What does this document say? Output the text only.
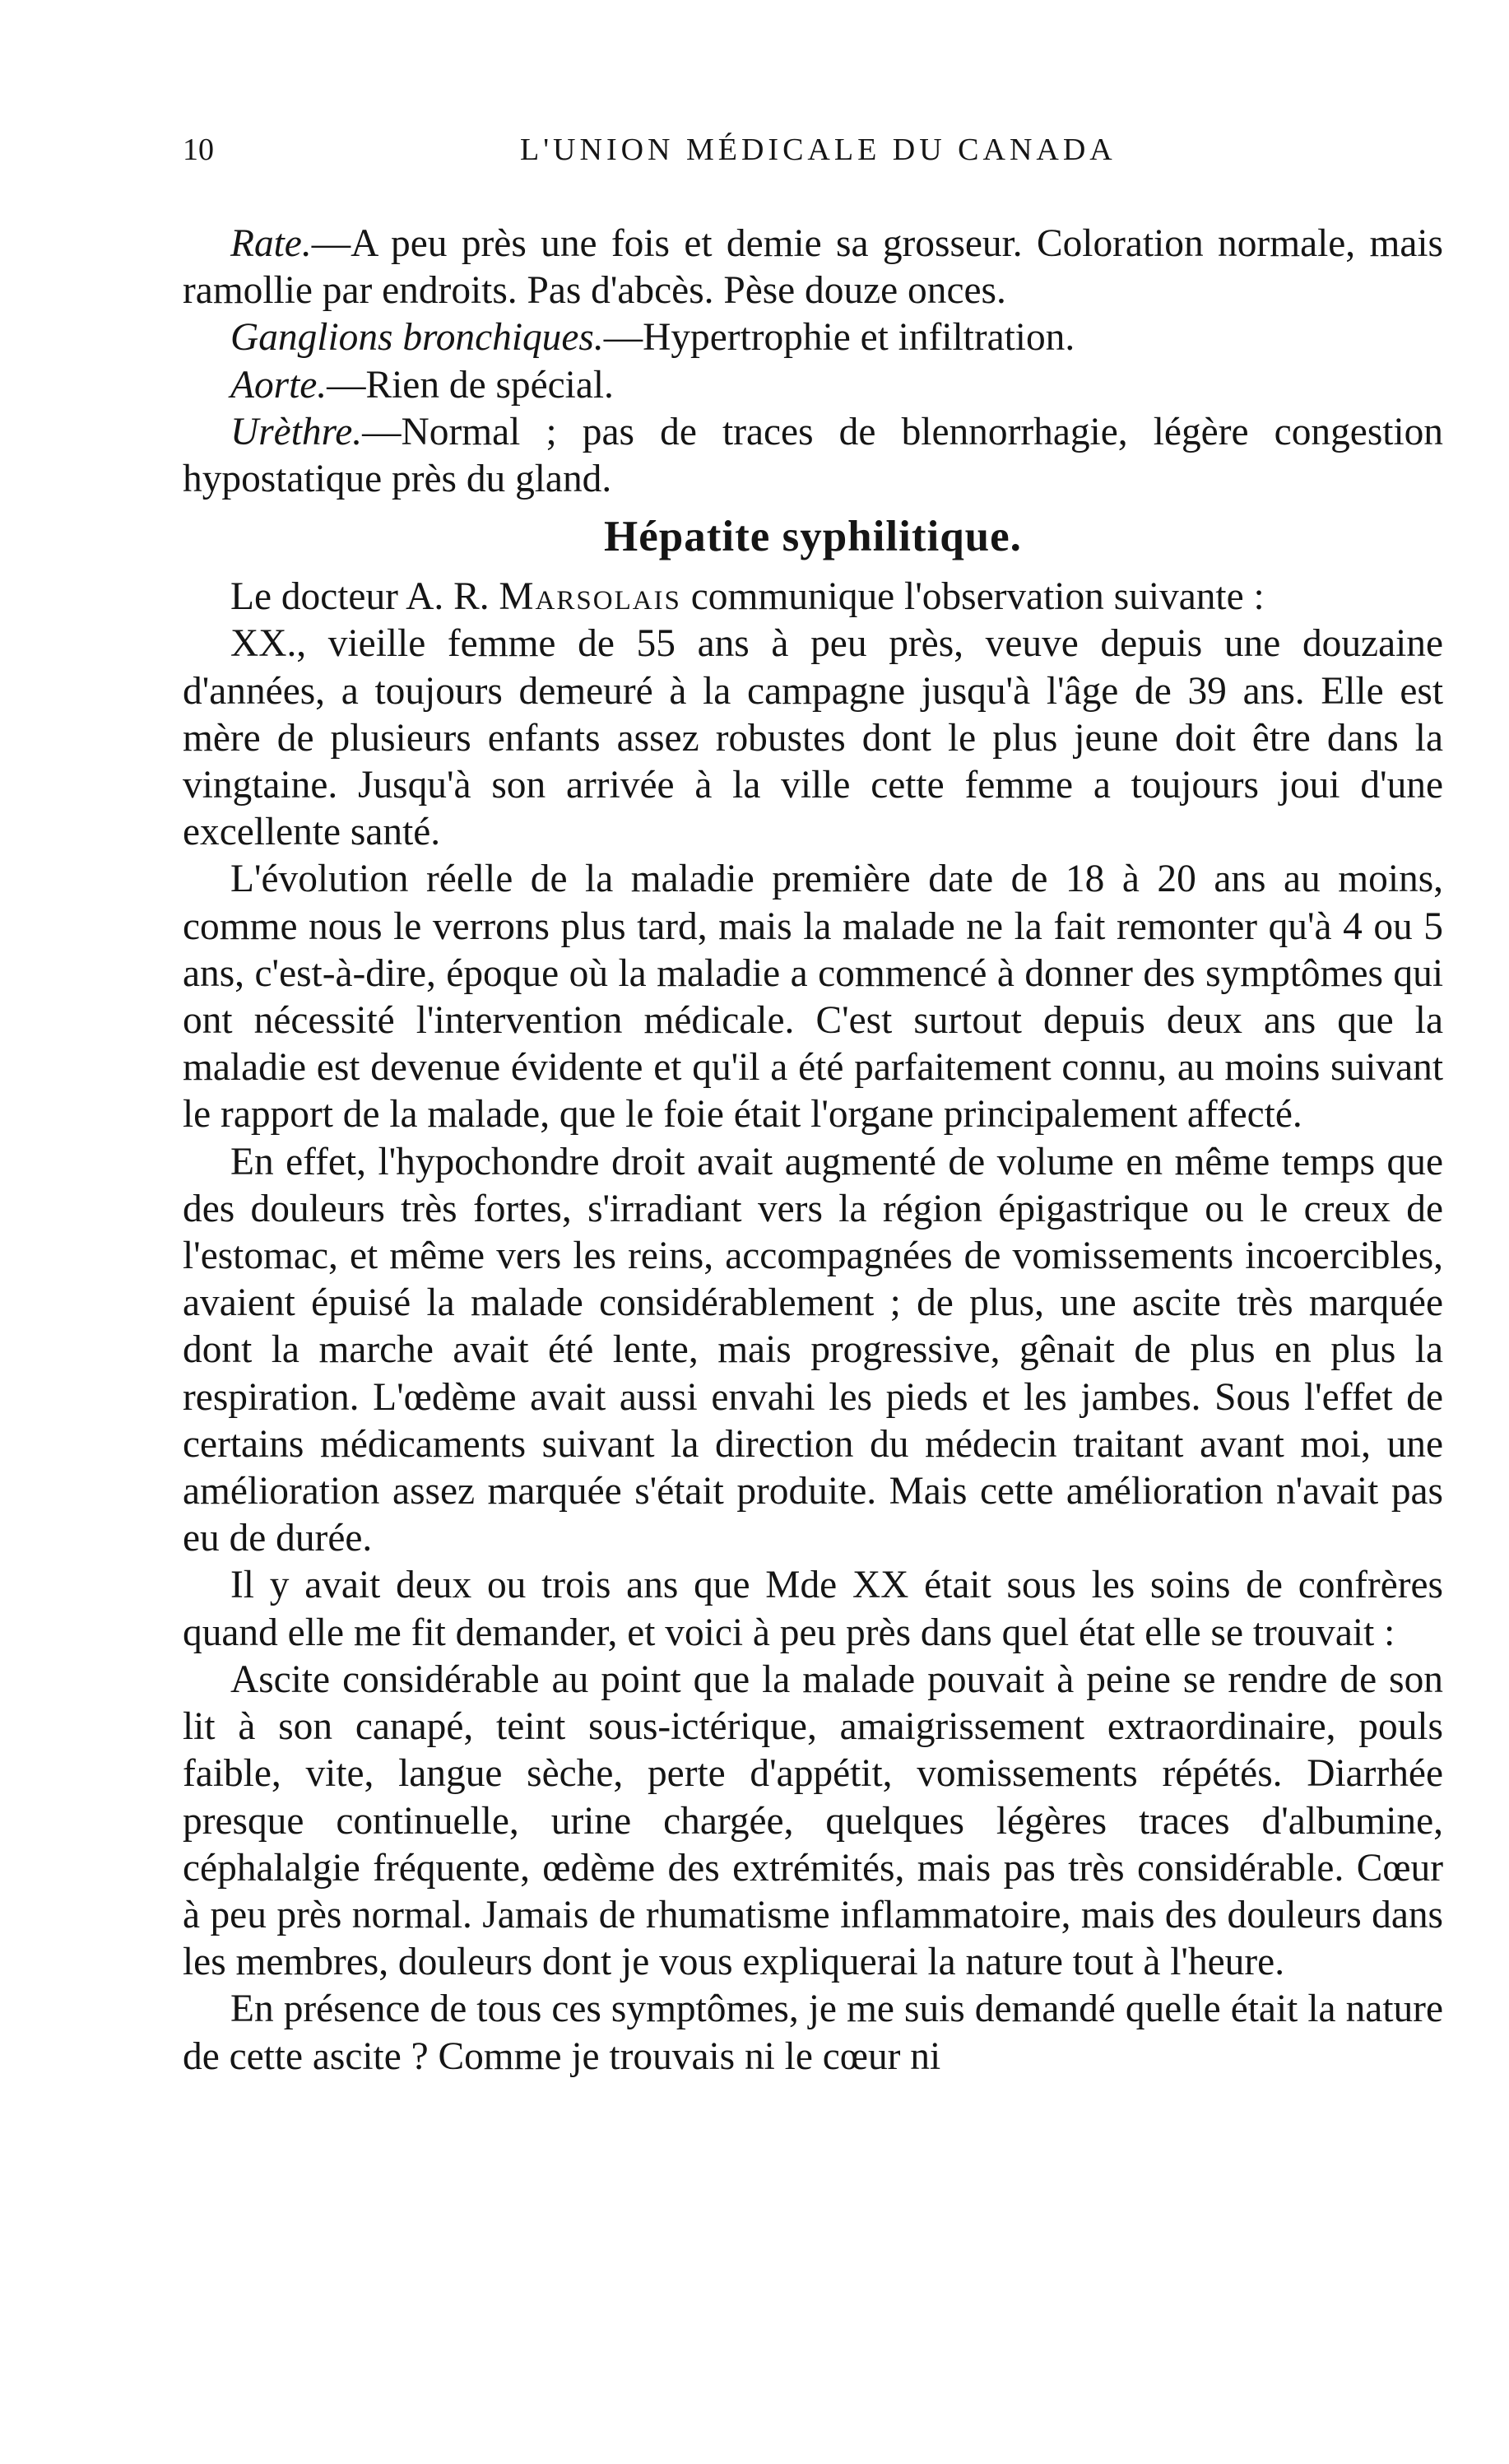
10	L'UNION MÉDICALE DU CANADA

Rate.—A peu près une fois et demie sa grosseur. Coloration normale, mais ramollie par endroits. Pas d'abcès. Pèse douze onces.

Ganglions bronchiques.—Hypertrophie et infiltration.

Aorte.—Rien de spécial.

Urèthre.—Normal ; pas de traces de blennorrhagie, légère congestion hypostatique près du gland.

Hépatite syphilitique.

Le docteur A. R. Marsolais communique l'observation suivante :

XX., vieille femme de 55 ans à peu près, veuve depuis une douzaine d'années, a toujours demeuré à la campagne jusqu'à l'âge de 39 ans. Elle est mère de plusieurs enfants assez robustes dont le plus jeune doit être dans la vingtaine. Jusqu'à son arrivée à la ville cette femme a toujours joui d'une excellente santé.

L'évolution réelle de la maladie première date de 18 à 20 ans au moins, comme nous le verrons plus tard, mais la malade ne la fait remonter qu'à 4 ou 5 ans, c'est-à-dire, époque où la maladie a commencé à donner des symptômes qui ont nécessité l'intervention médicale. C'est surtout depuis deux ans que la maladie est devenue évidente et qu'il a été parfaitement connu, au moins suivant le rapport de la malade, que le foie était l'organe principalement affecté.

En effet, l'hypochondre droit avait augmenté de volume en même temps que des douleurs très fortes, s'irradiant vers la région épigastrique ou le creux de l'estomac, et même vers les reins, accompagnées de vomissements incoercibles, avaient épuisé la malade considérablement ; de plus, une ascite très marquée dont la marche avait été lente, mais progressive, gênait de plus en plus la respiration. L'œdème avait aussi envahi les pieds et les jambes. Sous l'effet de certains médicaments suivant la direction du médecin traitant avant moi, une amélioration assez marquée s'était produite. Mais cette amélioration n'avait pas eu de durée.

Il y avait deux ou trois ans que Mde XX était sous les soins de confrères quand elle me fit demander, et voici à peu près dans quel état elle se trouvait :

Ascite considérable au point que la malade pouvait à peine se rendre de son lit à son canapé, teint sous-ictérique, amaigrissement extraordinaire, pouls faible, vite, langue sèche, perte d'appétit, vomissements répétés. Diarrhée presque continuelle, urine chargée, quelques légères traces d'albumine, céphalalgie fréquente, œdème des extrémités, mais pas très considérable. Cœur à peu près normal. Jamais de rhumatisme inflammatoire, mais des douleurs dans les membres, douleurs dont je vous expliquerai la nature tout à l'heure.

En présence de tous ces symptômes, je me suis demandé quelle était la nature de cette ascite ? Comme je trouvais ni le cœur ni
